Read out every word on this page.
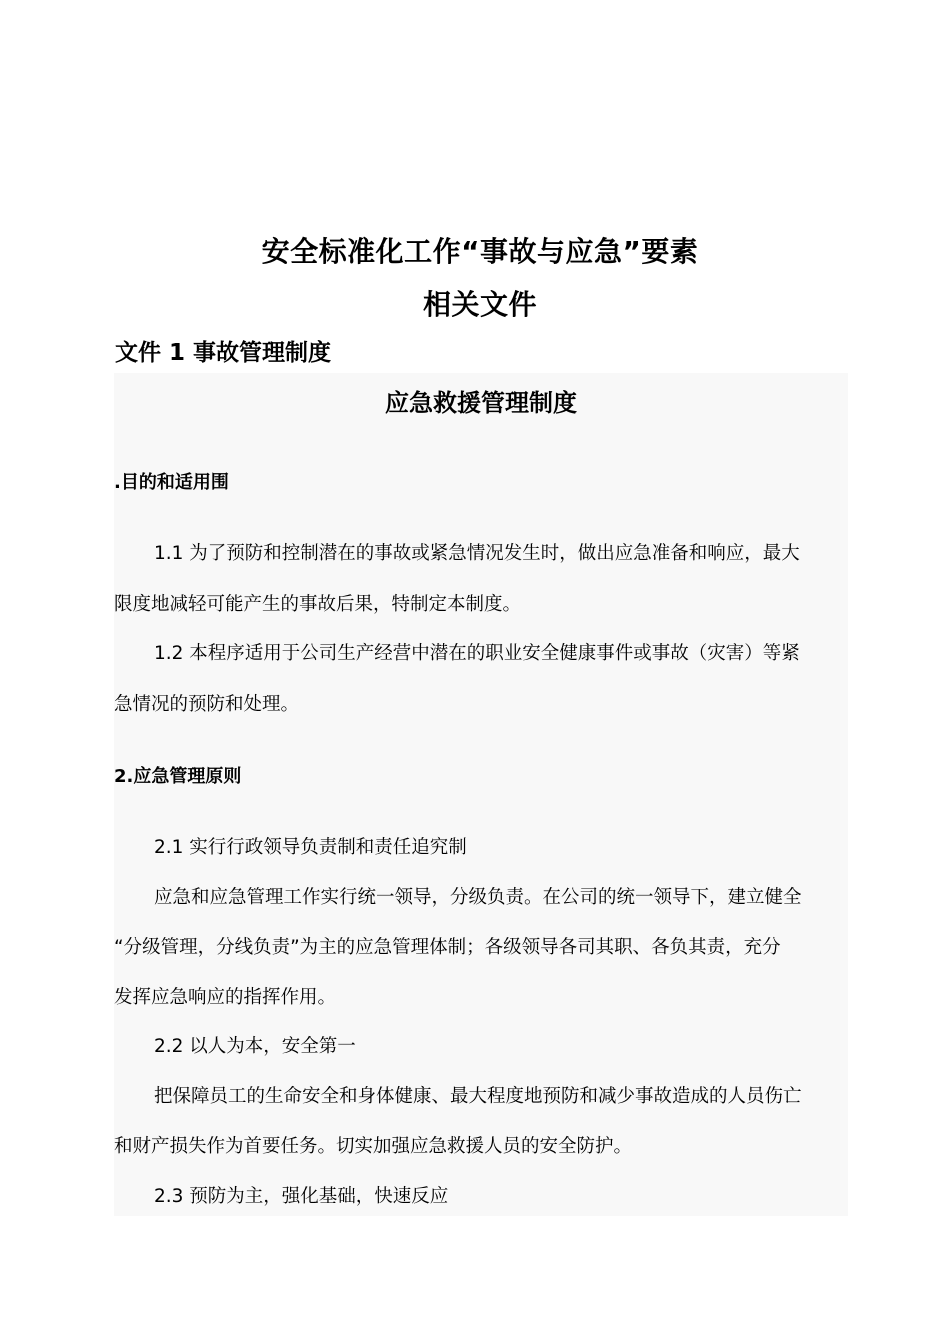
安全标准化工作“事故与应急”要素
相关文件
文件 1 事故管理制度
应急救援管理制度

.目的和适用围

1.1 为了预防和控制潜在的事故或紧急情况发生时，做出应急准备和响应，最大

限度地减轻可能产生的事故后果，特制定本制度。

1.2 本程序适用于公司生产经营中潜在的职业安全健康事件或事故（灾害）等紧

急情况的预防和处理。

2.应急管理原则

2.1 实行行政领导负责制和责任追究制

应急和应急管理工作实行统一领导，分级负责。在公司的统一领导下，建立健全

“分级管理，分线负责”为主的应急管理体制；各级领导各司其职、各负其责，充分

发挥应急响应的指挥作用。

2.2 以人为本，安全第一

把保障员工的生命安全和身体健康、最大程度地预防和减少事故造成的人员伤亡

和财产损失作为首要任务。切实加强应急救援人员的安全防护。

2.3 预防为主，强化基础，快速反应
